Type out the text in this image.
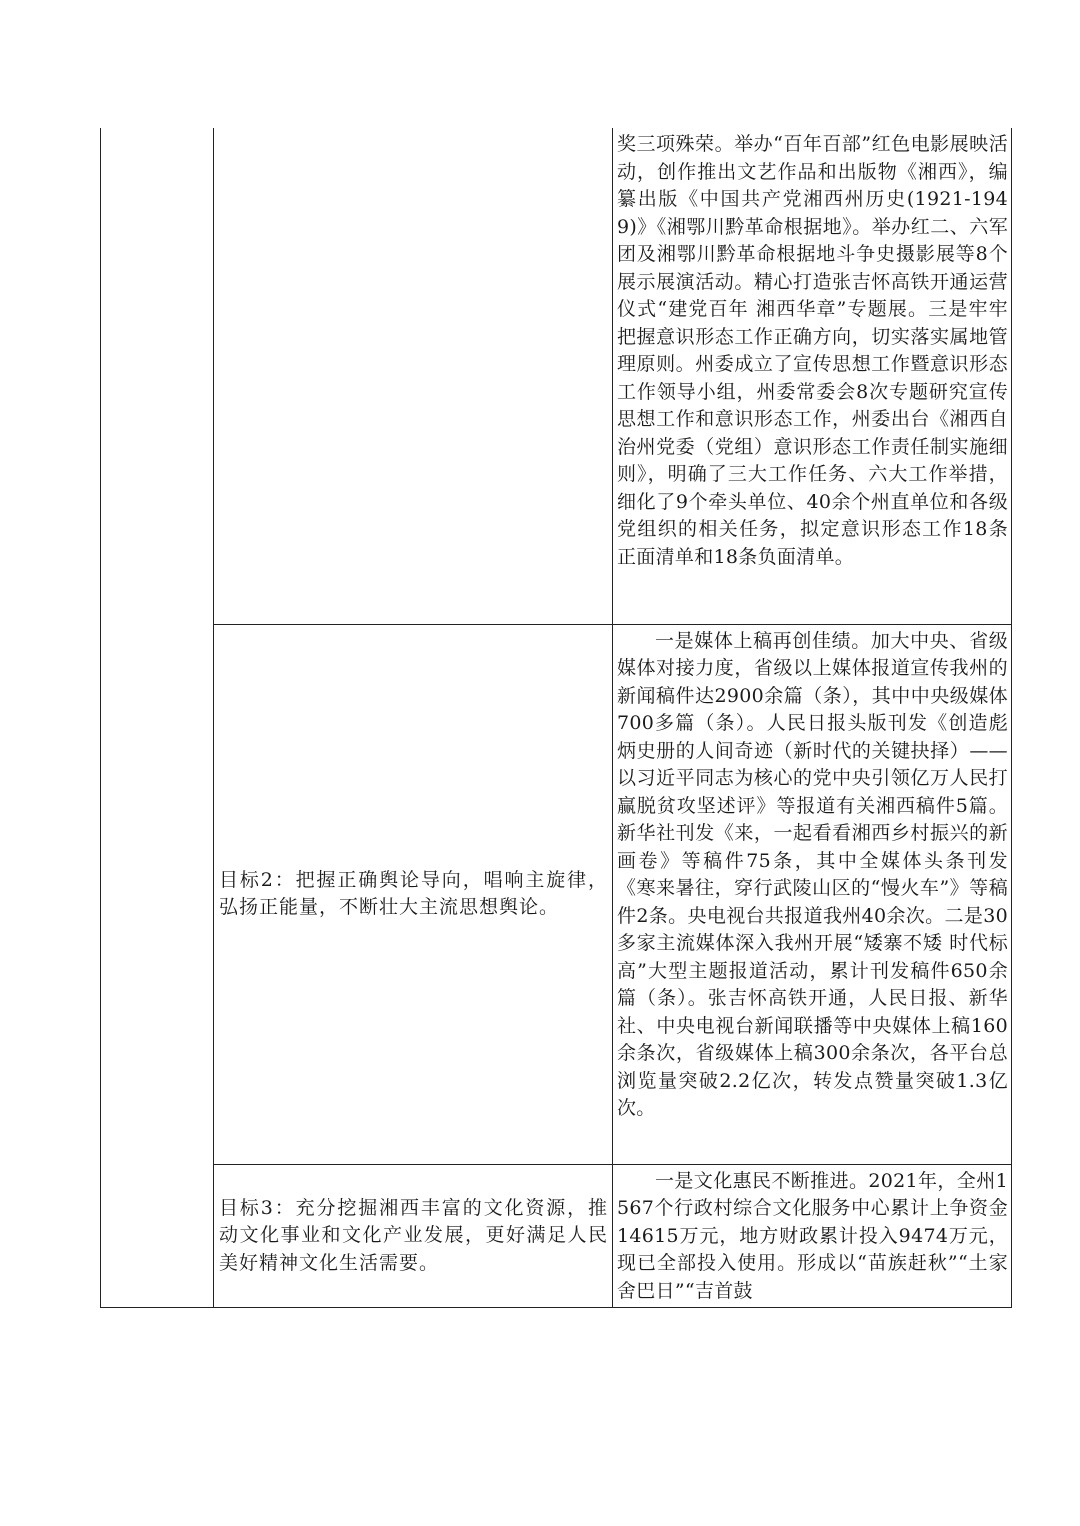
		奖三项殊荣。举办“百年百部”红色电影展映活动，创作推出文艺作品和出版物《湘西》，编纂出版《中国共产党湘西州历史(1921-1949)》《湘鄂川黔革命根据地》。举办红二、六军团及湘鄂川黔革命根据地斗争史摄影展等8个展示展演活动。精心打造张吉怀高铁开通运营仪式“建党百年 湘西华章”专题展。三是牢牢把握意识形态工作正确方向，切实落实属地管理原则。州委成立了宣传思想工作暨意识形态工作领导小组，州委常委会8次专题研究宣传思想工作和意识形态工作，州委出台《湘西自治州党委（党组）意识形态工作责任制实施细则》，明确了三大工作任务、六大工作举措，细化了9个牵头单位、40余个州直单位和各级党组织的相关任务，拟定意识形态工作18条正面清单和18条负面清单。

	目标2：把握正确舆论导向，唱响主旋律，弘扬正能量，不断壮大主流思想舆论。	一是媒体上稿再创佳绩。加大中央、省级媒体对接力度，省级以上媒体报道宣传我州的新闻稿件达2900余篇（条），其中中央级媒体700多篇（条）。人民日报头版刊发《创造彪炳史册的人间奇迹（新时代的关键抉择）——以习近平同志为核心的党中央引领亿万人民打赢脱贫攻坚述评》等报道有关湘西稿件5篇。新华社刊发《来，一起看看湘西乡村振兴的新画卷》等稿件75条，其中全媒体头条刊发《寒来暑往，穿行武陵山区的“慢火车”》等稿件2条。央电视台共报道我州40余次。二是30多家主流媒体深入我州开展“矮寨不矮 时代标高”大型主题报道活动，累计刊发稿件650余篇（条）。张吉怀高铁开通，人民日报、新华社、中央电视台新闻联播等中央媒体上稿160余条次，省级媒体上稿300余条次，各平台总浏览量突破2.2亿次，转发点赞量突破1.3亿次。

	目标3：充分挖掘湘西丰富的文化资源，推动文化事业和文化产业发展，更好满足人民美好精神文化生活需要。	一是文化惠民不断推进。2021年，全州1567个行政村综合文化服务中心累计上争资金14615万元，地方财政累计投入9474万元，现已全部投入使用。形成以“苗族赶秋”“土家舍巴日”“吉首鼓
